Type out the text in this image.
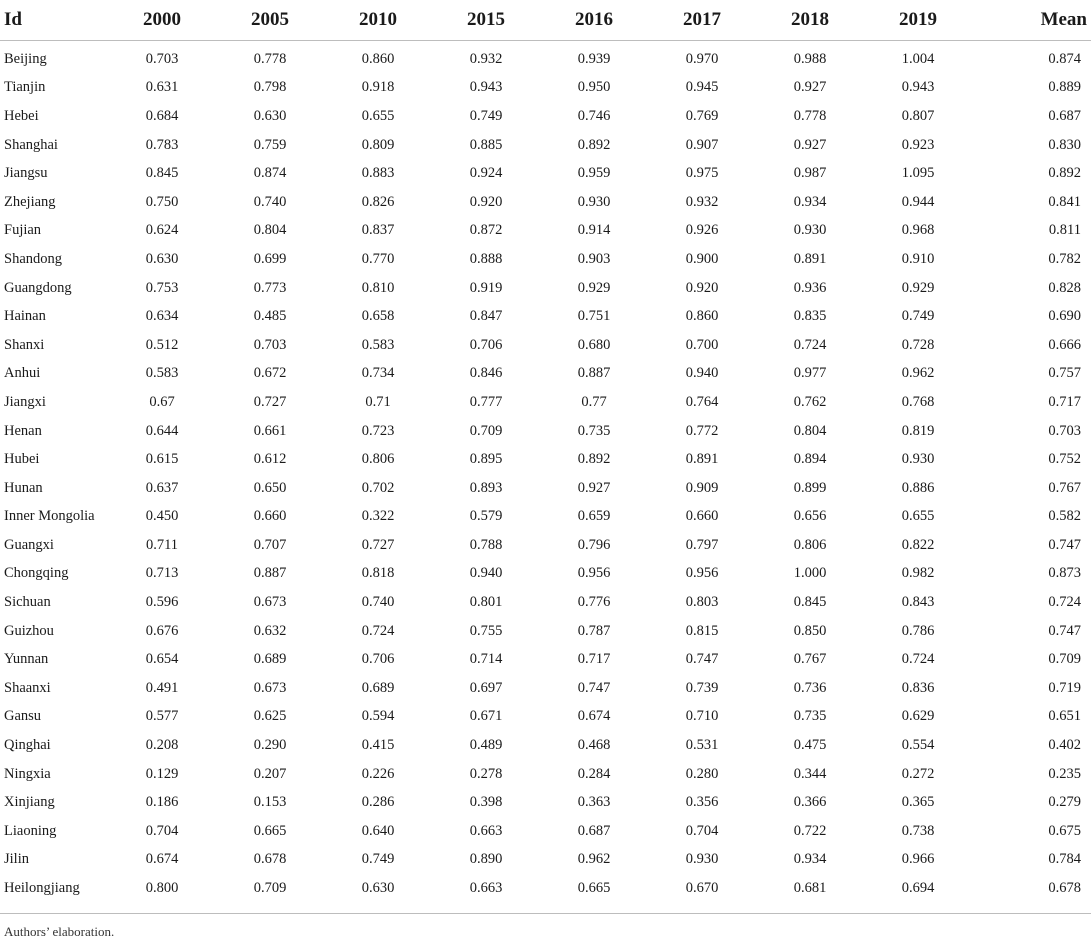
Id	2000	2005	2010	2015	2016	2017	2018	2019	Mean
Beijing	0.703	0.778	0.860	0.932	0.939	0.970	0.988	1.004	0.874
Tianjin	0.631	0.798	0.918	0.943	0.950	0.945	0.927	0.943	0.889
Hebei	0.684	0.630	0.655	0.749	0.746	0.769	0.778	0.807	0.687
Shanghai	0.783	0.759	0.809	0.885	0.892	0.907	0.927	0.923	0.830
Jiangsu	0.845	0.874	0.883	0.924	0.959	0.975	0.987	1.095	0.892
Zhejiang	0.750	0.740	0.826	0.920	0.930	0.932	0.934	0.944	0.841
Fujian	0.624	0.804	0.837	0.872	0.914	0.926	0.930	0.968	0.811
Shandong	0.630	0.699	0.770	0.888	0.903	0.900	0.891	0.910	0.782
Guangdong	0.753	0.773	0.810	0.919	0.929	0.920	0.936	0.929	0.828
Hainan	0.634	0.485	0.658	0.847	0.751	0.860	0.835	0.749	0.690
Shanxi	0.512	0.703	0.583	0.706	0.680	0.700	0.724	0.728	0.666
Anhui	0.583	0.672	0.734	0.846	0.887	0.940	0.977	0.962	0.757
Jiangxi	0.67	0.727	0.71	0.777	0.77	0.764	0.762	0.768	0.717
Henan	0.644	0.661	0.723	0.709	0.735	0.772	0.804	0.819	0.703
Hubei	0.615	0.612	0.806	0.895	0.892	0.891	0.894	0.930	0.752
Hunan	0.637	0.650	0.702	0.893	0.927	0.909	0.899	0.886	0.767
Inner Mongolia	0.450	0.660	0.322	0.579	0.659	0.660	0.656	0.655	0.582
Guangxi	0.711	0.707	0.727	0.788	0.796	0.797	0.806	0.822	0.747
Chongqing	0.713	0.887	0.818	0.940	0.956	0.956	1.000	0.982	0.873
Sichuan	0.596	0.673	0.740	0.801	0.776	0.803	0.845	0.843	0.724
Guizhou	0.676	0.632	0.724	0.755	0.787	0.815	0.850	0.786	0.747
Yunnan	0.654	0.689	0.706	0.714	0.717	0.747	0.767	0.724	0.709
Shaanxi	0.491	0.673	0.689	0.697	0.747	0.739	0.736	0.836	0.719
Gansu	0.577	0.625	0.594	0.671	0.674	0.710	0.735	0.629	0.651
Qinghai	0.208	0.290	0.415	0.489	0.468	0.531	0.475	0.554	0.402
Ningxia	0.129	0.207	0.226	0.278	0.284	0.280	0.344	0.272	0.235
Xinjiang	0.186	0.153	0.286	0.398	0.363	0.356	0.366	0.365	0.279
Liaoning	0.704	0.665	0.640	0.663	0.687	0.704	0.722	0.738	0.675
Jilin	0.674	0.678	0.749	0.890	0.962	0.930	0.934	0.966	0.784
Heilongjiang	0.800	0.709	0.630	0.663	0.665	0.670	0.681	0.694	0.678
Authors’ elaboration.
